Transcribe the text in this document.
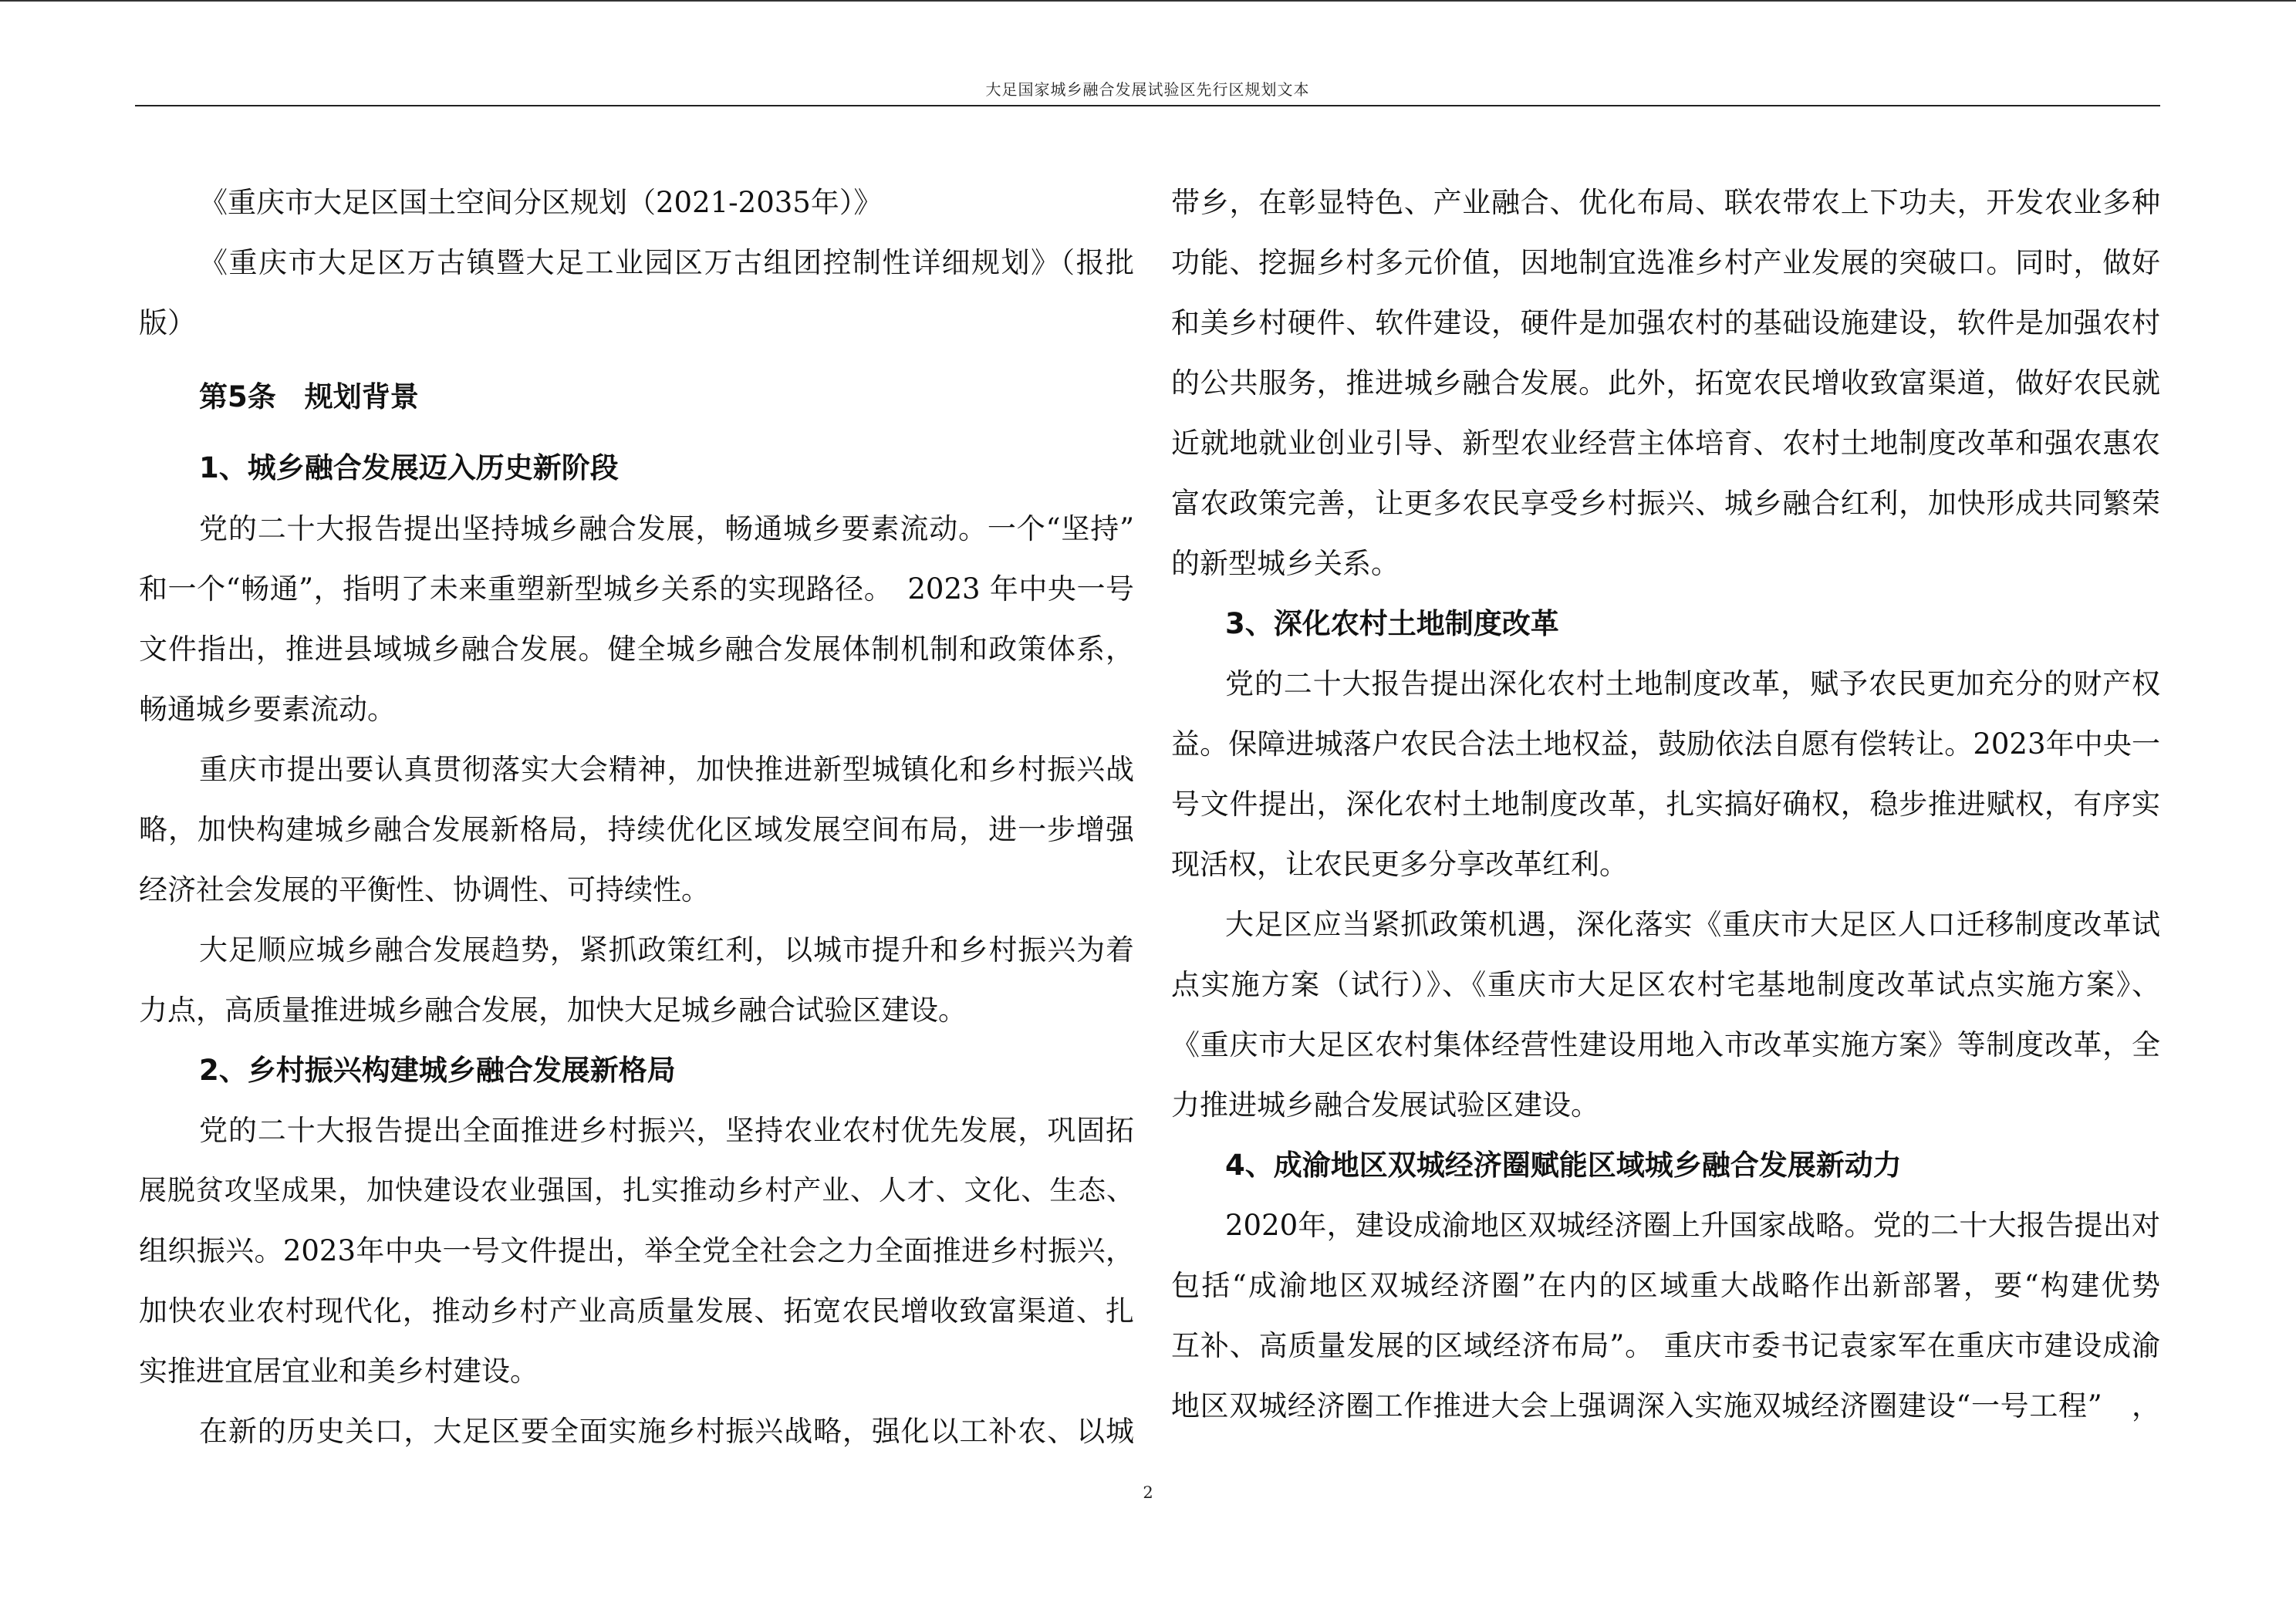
大足国家城乡融合发展试验区先行区规划文本
《重庆市大足区国土空间分区规划（2021-2035年）》
《重庆市大足区万古镇暨大足工业园区万古组团控制性详细规划》（报批
版）
第5条　规划背景
1、城乡融合发展迈入历史新阶段
党的二十大报告提出坚持城乡融合发展，畅通城乡要素流动。一个“坚持”
和一个“畅通”，指明了未来重塑新型城乡关系的实现路径。　2023 年中央一号
文件指出，推进县域城乡融合发展。健全城乡融合发展体制机制和政策体系，
畅通城乡要素流动。
重庆市提出要认真贯彻落实大会精神，加快推进新型城镇化和乡村振兴战
略，加快构建城乡融合发展新格局，持续优化区域发展空间布局，进一步增强
经济社会发展的平衡性、协调性、可持续性。
大足顺应城乡融合发展趋势，紧抓政策红利，以城市提升和乡村振兴为着
力点，高质量推进城乡融合发展，加快大足城乡融合试验区建设。
2、乡村振兴构建城乡融合发展新格局
党的二十大报告提出全面推进乡村振兴，坚持农业农村优先发展，巩固拓
展脱贫攻坚成果，加快建设农业强国，扎实推动乡村产业、人才、文化、生态、
组织振兴。2023年中央一号文件提出，举全党全社会之力全面推进乡村振兴，
加快农业农村现代化，推动乡村产业高质量发展、拓宽农民增收致富渠道、扎
实推进宜居宜业和美乡村建设。
在新的历史关口，大足区要全面实施乡村振兴战略，强化以工补农、以城
带乡，在彰显特色、产业融合、优化布局、联农带农上下功夫，开发农业多种
功能、挖掘乡村多元价值，因地制宜选准乡村产业发展的突破口。同时，做好
和美乡村硬件、软件建设，硬件是加强农村的基础设施建设，软件是加强农村
的公共服务，推进城乡融合发展。此外，拓宽农民增收致富渠道，做好农民就
近就地就业创业引导、新型农业经营主体培育、农村土地制度改革和强农惠农
富农政策完善，让更多农民享受乡村振兴、城乡融合红利，加快形成共同繁荣
的新型城乡关系。
3、深化农村土地制度改革
党的二十大报告提出深化农村土地制度改革，赋予农民更加充分的财产权
益。保障进城落户农民合法土地权益，鼓励依法自愿有偿转让。2023年中央一
号文件提出，深化农村土地制度改革，扎实搞好确权，稳步推进赋权，有序实
现活权，让农民更多分享改革红利。
大足区应当紧抓政策机遇，深化落实《重庆市大足区人口迁移制度改革试
点实施方案（试行）》、《重庆市大足区农村宅基地制度改革试点实施方案》、
《重庆市大足区农村集体经营性建设用地入市改革实施方案》等制度改革，全
力推进城乡融合发展试验区建设。
4、成渝地区双城经济圈赋能区域城乡融合发展新动力
2020年，建设成渝地区双城经济圈上升国家战略。党的二十大报告提出对
包括“成渝地区双城经济圈”在内的区域重大战略作出新部署，要“构建优势
互补、高质量发展的区域经济布局”。 重庆市委书记袁家军在重庆市建设成渝
地区双城经济圈工作推进大会上强调深入实施双城经济圈建设“一号工程”　，
2
